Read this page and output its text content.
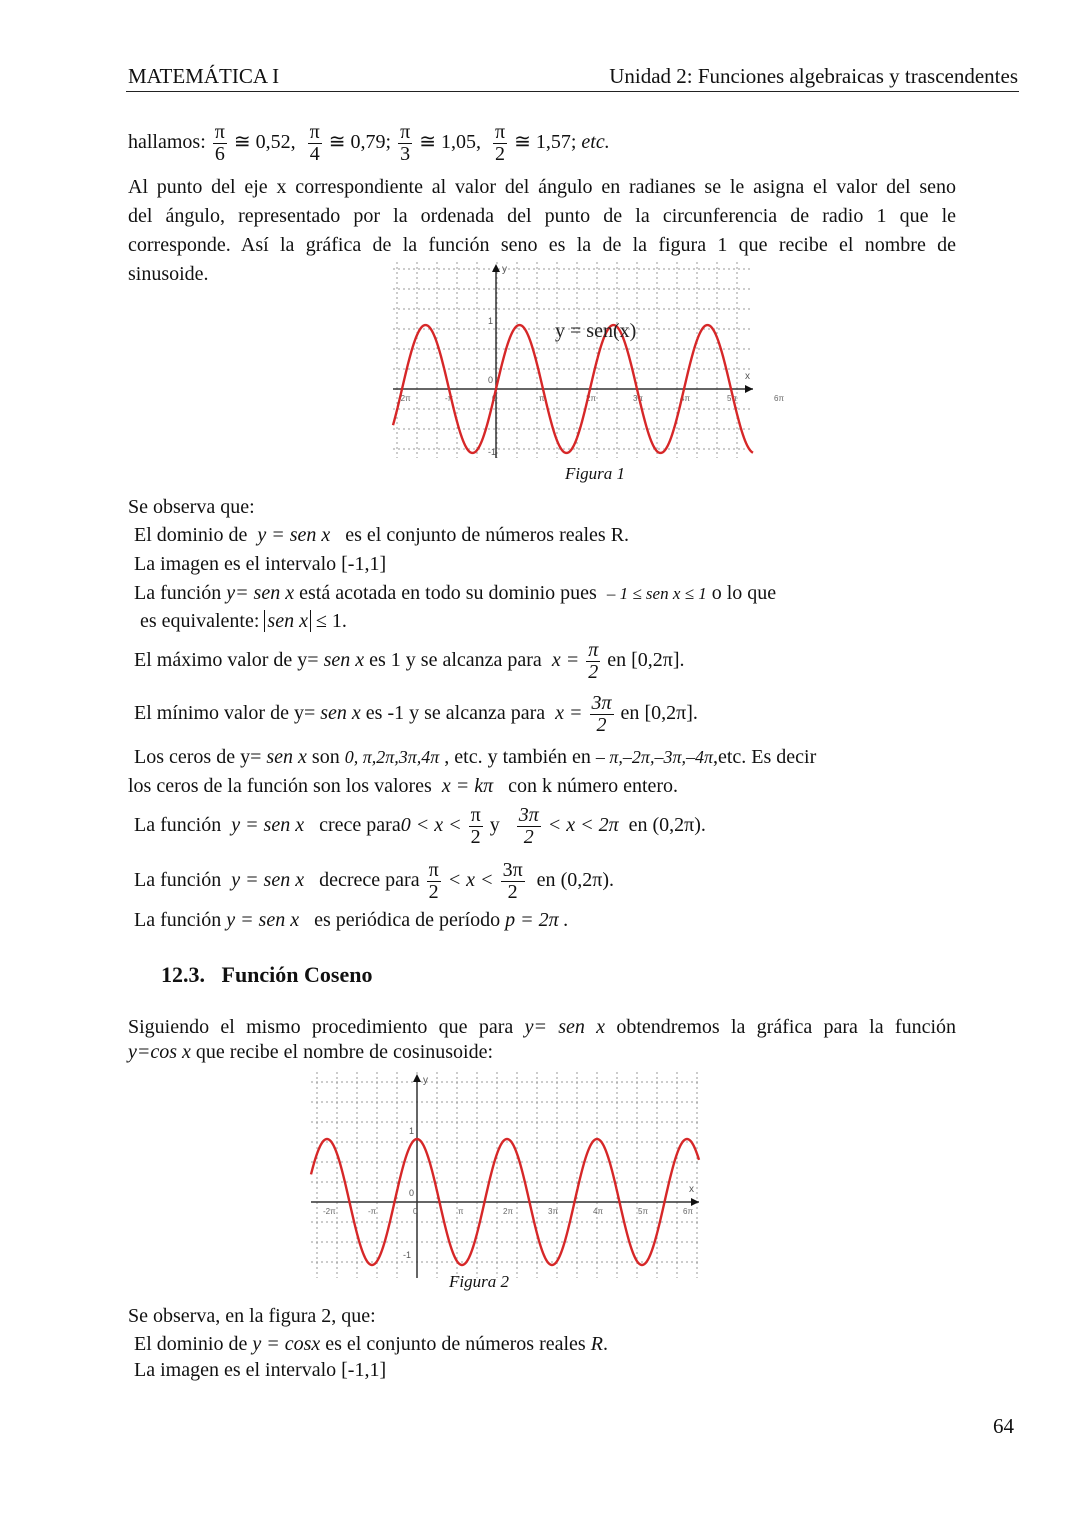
MATEMÁTICA I	Unidad 2: Funciones algebraicas y trascendentes
hallamos: $\frac{\pi}{6}$ ≅ 0,52, $\frac{\pi}{4}$ ≅ 0,79; $\frac{\pi}{3}$ ≅ 1,05, $\frac{\pi}{2}$ ≅ 1,57; etc.
Al punto del eje x correspondiente al valor del ángulo en radianes se le asigna el valor del seno
del ángulo, representado por la ordenada del punto de la circunferencia de radio 1 que le
corresponde. Así la gráfica de la función seno es la de la figura 1 que recibe el nombre de
sinusoide.	y
x
1
0
-1
-2π	-π	0	π	2π	3π	4π	5π	6π
y = sen(x)
Figura 1
Se observa que:
El dominio de y = sen x es el conjunto de números reales R.
La imagen es el intervalo [-1,1]
La función y= sen x está acotada en todo su dominio pues – 1 ≤ sen x ≤ 1 o lo que
es equivalente: sen x ≤ 1.
El máximo valor de y= sen x es 1 y se alcanza para $x = \frac{\pi}{2}$ en [0,2π].
El mínimo valor de y= sen x es -1 y se alcanza para $x = \frac{3\pi}{2}$ en [0,2π].
Los ceros de y= sen x son 0, π,2π,3π,4π , etc. y también en – π,–2π,–3π,–4π,etc. Es decir
los ceros de la función son los valores x = kπ con k número entero.
La función y = sen x crece para0 < $x < \frac{\pi}{2}$ y $\frac{3\pi}{2} < x < 2\pi$ en (0,2π).
La función y = sen x decrece para $\frac{\pi}{2} < x < \frac{3\pi}{2}$ en (0,2π).
La función y = sen x es periódica de período p = 2π .
12.3. Función Coseno
Siguiendo el mismo procedimiento que para y= sen x obtendremos la gráfica para la función
y=cos x que recibe el nombre de cosinusoide:
y
x
1
0
-1
-2π	-π	0	π	2π	3π	4π	5π	6π
Figura 2
Se observa, en la figura 2, que:
El dominio de y = cosx es el conjunto de números reales R.
La imagen es el intervalo [-1,1]
64
